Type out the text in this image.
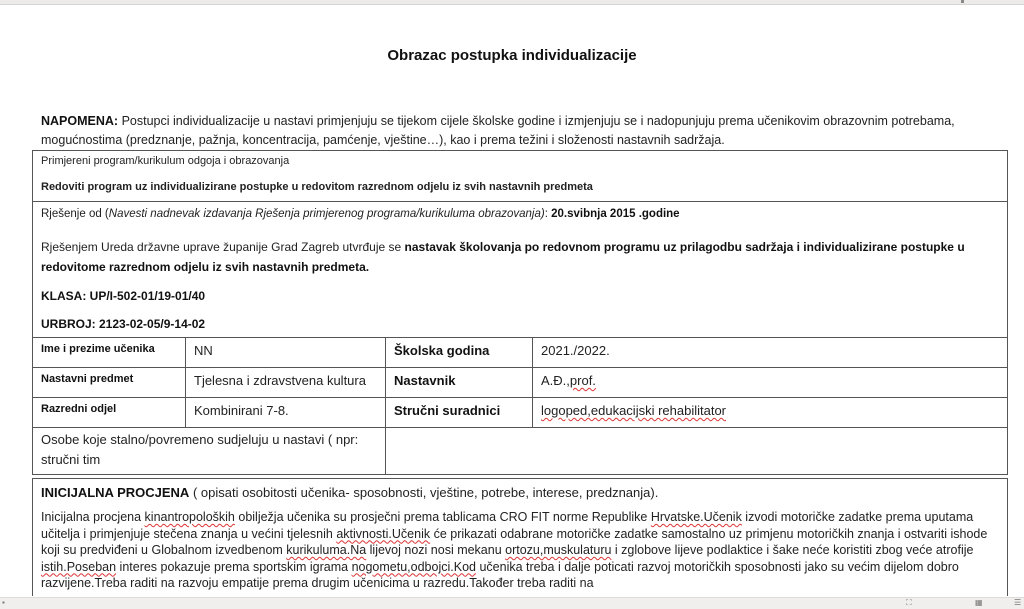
Obrazac postupka individualizacije
NAPOMENA: Postupci individualizacije u nastavi primjenjuju se tijekom cijele školske godine i izmjenjuju se i nadopunjuju prema učenikovim obrazovnim potrebama, mogućnostima (predznanje, pažnja, koncentracija, pamćenje, vještine…), kao i prema težini i složenosti nastavnih sadržaja.
Primjereni program/kurikulum odgoja i obrazovanja
Redoviti program uz individualizirane postupke u redovitom razrednom odjelu iz svih nastavnih predmeta
Rješenje od (Navesti nadnevak izdavanja Rješenja primjerenog programa/kurikuluma obrazovanja): 20.svibnja 2015 .godine
Rješenjem Ureda državne uprave županije Grad Zagreb utvrđuje se nastavak školovanja po redovnom programu uz prilagodbu sadržaja i individualizirane postupke u redovitome razrednom odjelu iz svih nastavnih predmeta.
KLASA: UP/I-502-01/19-01/40
URBROJ: 2123-02-05/9-14-02
Ime i prezime učenika	NN	Školska godina	2021./2022.
Nastavni predmet	Tjelesna i zdravstvena kultura	Nastavnik	A.Đ.,prof.
Razredni odjel	Kombinirani 7-8.	Stručni suradnici	logoped,edukacijski rehabilitator
Osobe koje stalno/povremeno sudjeluju u nastavi ( npr: stručni tim			
INICIJALNA PROCJENA ( opisati osobitosti učenika- sposobnosti, vještine, potrebe, interese, predznanja).
Inicijalna procjena kinantropoloških obilježja učenika su prosječni prema tablicama CRO FIT norme Republike Hrvatske.Učenik izvodi motoričke zadatke prema uputama učitelja i primjenjuje stečena znanja u većini tjelesnih aktivnosti.Učenik će prikazati odabrane motoričke zadatke samostalno uz primjenu motoričkih znanja i ostvariti ishode koji su predviđeni u Globalnom izvedbenom kurikuluma.Na lijevoj nozi nosi mekanu ortozu,muskulaturu i zglobove lijeve podlaktice i šake neće koristiti zbog veće atrofije istih.Poseban interes pokazuje prema sportskim igrama nogometu,odbojci.Kod učenika treba i dalje poticati razvoj motoričkih sposobnosti jako su većim dijelom dobro razvijene.Treba raditi na razvoju empatije prema drugim učenicima u razredu.Također treba raditi na
▪	⛶	▦	☰
